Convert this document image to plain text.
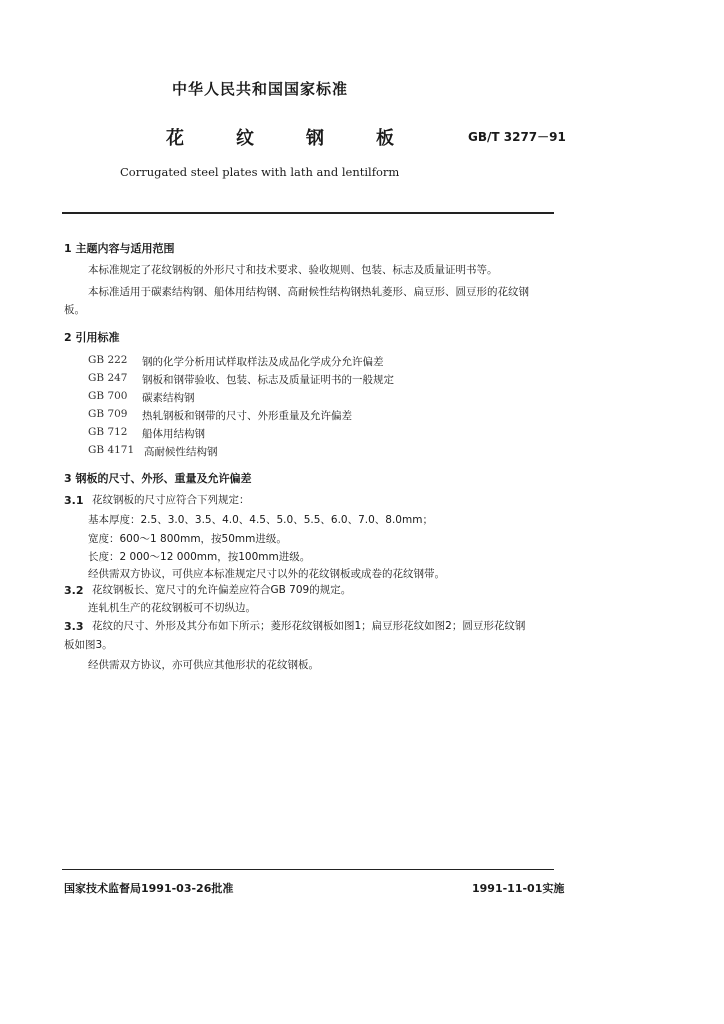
中华人民共和国国家标准
花纹钢板 GB/T 3277－91
Corrugated steel plates with lath and lentilform
1 主题内容与适用范围
本标准规定了花纹钢板的外形尺寸和技术要求、验收规则、包装、标志及质量证明书等。
本标准适用于碳素结构钢、船体用结构钢、高耐候性结构钢热轧菱形、扁豆形、圆豆形的花纹钢
板。
2 引用标准
GB 222 钢的化学分析用试样取样法及成品化学成分允许偏差
GB 247 钢板和钢带验收、包装、标志及质量证明书的一般规定
GB 700 碳素结构钢
GB 709 热轧钢板和钢带的尺寸、外形重量及允许偏差
GB 712 船体用结构钢
GB 4171 高耐候性结构钢
3 钢板的尺寸、外形、重量及允许偏差
3.1 花纹钢板的尺寸应符合下列规定：
基本厚度：2.5、3.0、3.5、4.0、4.5、5.0、5.5、6.0、7.0、8.0mm；
宽度：600～1 800mm，按50mm进级。
长度：2 000～12 000mm，按100mm进级。
经供需双方协议，可供应本标准规定尺寸以外的花纹钢板或成卷的花纹钢带。
3.2 花纹钢板长、宽尺寸的允许偏差应符合GB 709的规定。
连轧机生产的花纹钢板可不切纵边。
3.3 花纹的尺寸、外形及其分布如下所示；菱形花纹钢板如图1；扁豆形花纹如图2；圆豆形花纹钢
板如图3。
经供需双方协议，亦可供应其他形状的花纹钢板。
国家技术监督局1991-03-26批准	1991-11-01实施
